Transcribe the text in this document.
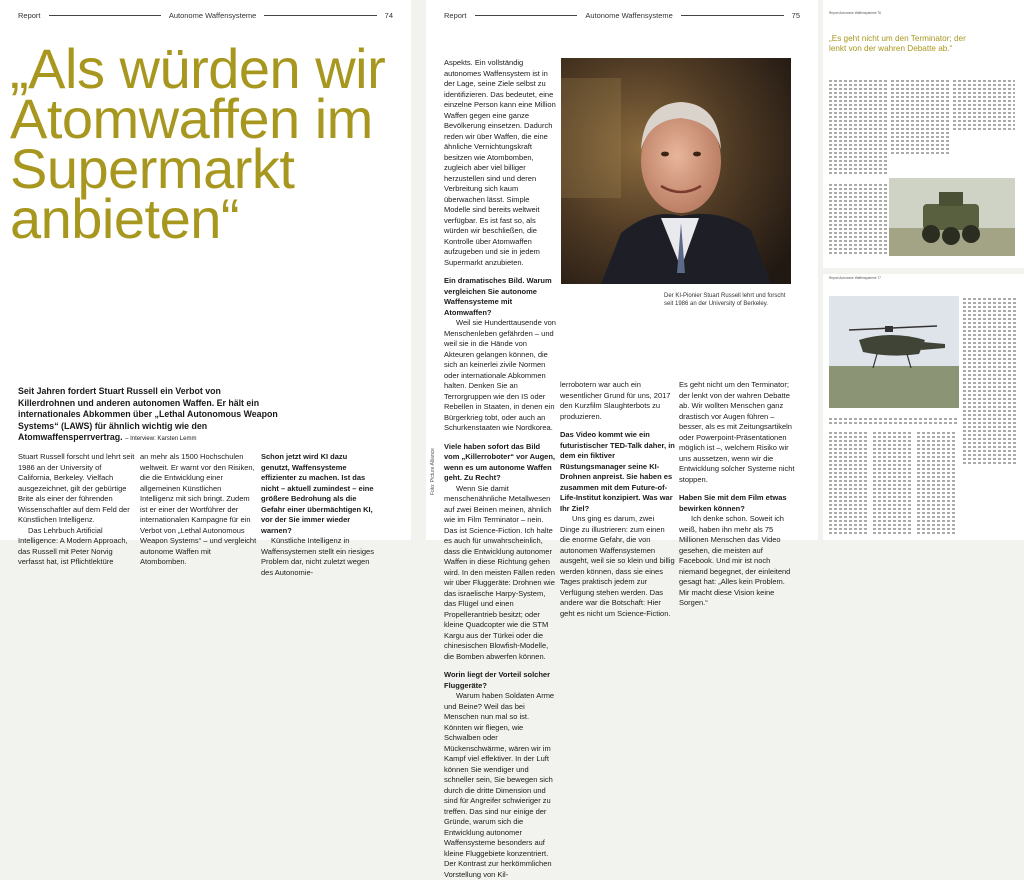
Report	Autonome Waffensysteme	74
„Als würden wir Atomwaffen im Supermarkt anbieten“
Seit Jahren fordert Stuart Russell ein Verbot von Killerdrohnen und anderen autonomen Waffen. Er hält ein internationales Abkommen über „Lethal Autonomous Weapon Systems“ (LAWS) für ähnlich wichtig wie den Atomwaffensperrvertrag. – Interview: Karsten Lemm

Stuart Russell forscht und lehrt seit 1986 an der University of California, Berkeley. Vielfach ausgezeichnet, gilt der gebürtige Brite als einer der führenden Wissenschaftler auf dem Feld der Künstlichen Intelligenz.

Das Lehrbuch Artificial Intelligence: A Modern Approach, das Russell mit Peter Norvig verfasst hat, ist Pflichtlektüre

an mehr als 1500 Hochschulen weltweit. Er warnt vor den Risiken, die die Entwicklung einer allgemeinen Künstlichen Intelligenz mit sich bringt. Zudem ist er einer der Wortführer der internationalen Kampagne für ein Verbot von „Lethal Autonomous Weapon Systems“ – und vergleicht autonome Waffen mit Atombomben.

Schon jetzt wird KI dazu genutzt, Waffensysteme effizienter zu machen. Ist das nicht – aktuell zumindest – eine größere Bedrohung als die Gefahr einer übermächtigen KI, vor der Sie immer wieder warnen?

Künstliche Intelligenz in Waffensystemen stellt ein riesiges Problem dar, nicht zuletzt wegen des Autonomie-

Report	Autonome Waffensysteme	75

Aspekts. Ein vollständig autonomes Waffensystem ist in der Lage, seine Ziele selbst zu identifizieren. Das bedeutet, eine einzelne Person kann eine Million Waffen gegen eine ganze Bevölkerung einsetzen. Dadurch reden wir über Waffen, die eine ähnliche Vernichtungskraft besitzen wie Atombomben, zugleich aber viel billiger herzustellen sind und deren Verbreitung sich kaum überwachen lässt. Simple Modelle sind bereits weltweit verfügbar. Es ist fast so, als würden wir beschließen, die Kontrolle über Atomwaffen aufzugeben und sie in jedem Supermarkt anzubieten.

Ein dramatisches Bild. Warum vergleichen Sie autonome Waffensysteme mit Atomwaffen?

Weil sie Hunderttausende von Menschenleben gefährden – und weil sie in die Hände von Akteuren gelangen können, die sich an keinerlei zivile Normen oder internationale Abkommen halten. Denken Sie an Terrorgruppen wie den IS oder Rebellen in Staaten, in denen ein Bürgerkrieg tobt, oder auch an Schurkenstaaten wie Nordkorea.

Viele haben sofort das Bild vom „Killerroboter“ vor Augen, wenn es um autonome Waffen geht. Zu Recht?

Wenn Sie damit menschenähnliche Metallwesen auf zwei Beinen meinen, ähnlich wie im Film Terminator – nein. Das ist Science-Fiction. Ich halte es auch für unwahrscheinlich, dass die Entwicklung autonomer Waffen in diese Richtung gehen wird. In den meisten Fällen reden wir über Fluggeräte: Drohnen wie das israelische Harpy-System, das Flügel und einen Propellerantrieb besitzt; oder kleine Quadcopter wie die STM Kargu aus der Türkei oder die chinesischen Blowfish-Modelle, die Bomben abwerfen können.

Worin liegt der Vorteil solcher Fluggeräte?

Warum haben Soldaten Arme und Beine? Weil das bei Menschen nun mal so ist. Könnten wir fliegen, wie Schwalben oder Mückenschwärme, wären wir im Kampf viel effektiver. In der Luft können Sie wendiger und schneller sein, Sie bewegen sich durch die dritte Dimension und sind für Angreifer schwieriger zu treffen. Das sind nur einige der Gründe, warum sich die Entwicklung autonomer Waffensysteme besonders auf kleine Fluggebiete konzentriert. Der Kontrast zur herkömmlichen Vorstellung von Kil-

Der KI-Pionier Stuart Russell lehrt und forscht seit 1986 an der University of Berkeley.

lerrobotern war auch ein wesentlicher Grund für uns, 2017 den Kurzfilm Slaughterbots zu produzieren.

Das Video kommt wie ein futuristischer TED-Talk daher, in dem ein fiktiver Rüstungsmanager seine KI-Drohnen anpreist. Sie haben es zusammen mit dem Future-of-Life-Institut konzipiert. Was war Ihr Ziel?

Uns ging es darum, zwei Dinge zu illustrieren: zum einen die enorme Gefahr, die von autonomen Waffensystemen ausgeht, weil sie so klein und billig werden können, dass sie eines Tages praktisch jedem zur Verfügung stehen werden. Das andere war die Botschaft: Hier geht es nicht um Science-Fiction.

Es geht nicht um den Terminator; der lenkt von der wahren Debatte ab. Wir wollten Menschen ganz drastisch vor Augen führen – besser, als es mit Zeitungsartikeln oder Powerpoint-Präsentationen möglich ist –, welchem Risiko wir uns aussetzen, wenn wir die Entwicklung solcher Systeme nicht stoppen.

Haben Sie mit dem Film etwas bewirken können?

Ich denke schon. Soweit ich weiß, haben ihn mehr als 75 Millionen Menschen das Video gesehen, die meisten auf Facebook. Und mir ist noch niemand begegnet, der einleitend gesagt hat: „Alles kein Problem. Mir macht diese Vision keine Sorgen.“

Foto: Picture Alliance
Report Autonome Waffensysteme 76
„Es geht nicht um den Terminator; der lenkt von der wahren Debatte ab.“
Report Autonome Waffensysteme 77
